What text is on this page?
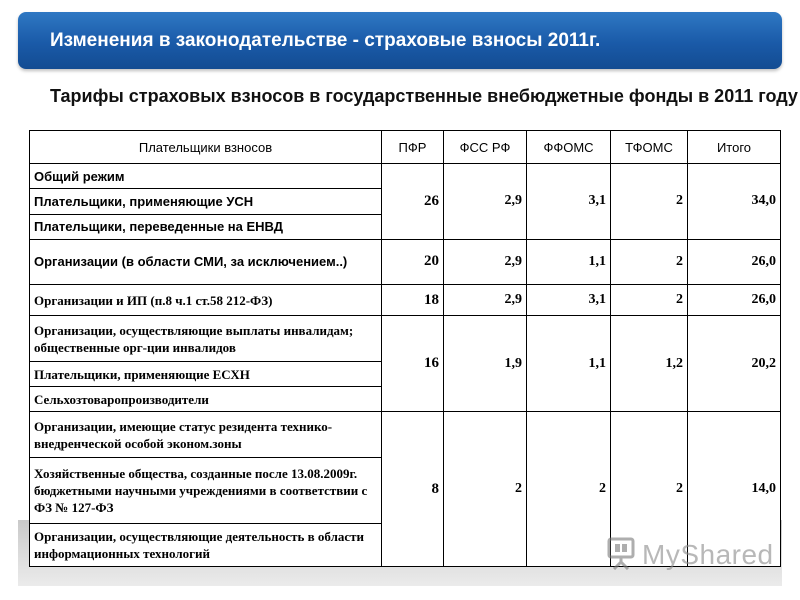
Изменения в законодательстве - страховые взносы 2011г.
Тарифы страховых взносов в государственные внебюджетные фонды в 2011 году
Плательщики взносов	ПФР	ФСС РФ	ФФОМС	ТФОМС	Итого
Общий режим	26	2,9	3,1	2	34,0
Плательщики, применяющие УСН					
Плательщики, переведенные на ЕНВД					
Организации (в области СМИ, за исключением..)	20	2,9	1,1	2	26,0
Организации и ИП (п.8 ч.1 ст.58 212-ФЗ)	18	2,9	3,1	2	26,0
Организации, осуществляющие выплаты инвалидам; общественные орг-ции инвалидов	16	1,9	1,1	1,2	20,2
Плательщики, применяющие ЕСХН					
Сельхозтоваропроизводители					
Организации, имеющие статус резидента технико-внедренческой особой эконом.зоны	8	2	2	2	14,0
Хозяйственные общества, созданные после 13.08.2009г. бюджетными научными учреждениями в соответствии с ФЗ № 127-ФЗ					
Организации, осуществляющие деятельность в области информационных технологий						MyShared
